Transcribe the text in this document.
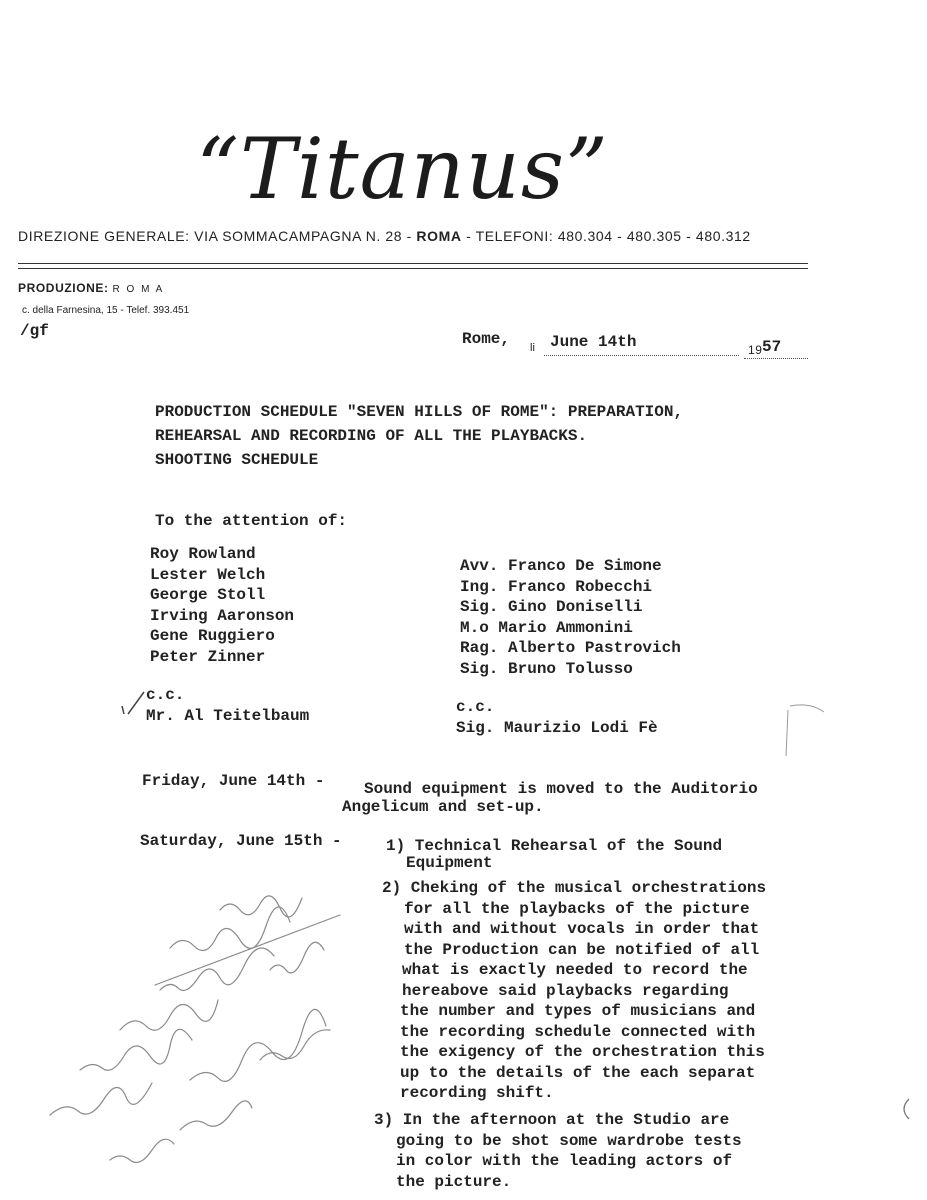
“Titanus”
DIREZIONE GENERALE: VIA SOMMACAMPAGNA N. 28 - ROMA - TELEFONI: 480.304 - 480.305 - 480.312
PRODUZIONE: R O M A
c. della Farnesina, 15 - Telef. 393.451
/gf	Rome, li June 14th	19 57
PRODUCTION SCHEDULE "SEVEN HILLS OF ROME": PREPARATION,
REHEARSAL AND RECORDING OF ALL THE PLAYBACKS.
SHOOTING SCHEDULE
To the attention of:
Roy Rowland
Lester Welch
George Stoll
Irving Aaronson
Gene Ruggiero
Peter Zinner
Avv. Franco De Simone
Ing. Franco Robecchi
Sig. Gino Doniselli
M.o Mario Ammonini
Rag. Alberto Pastrovich
Sig. Bruno Tolusso
c.c.
Mr. Al Teitelbaum	c.c.
Sig. Maurizio Lodi Fè
Friday, June 14th - Sound equipment is moved to the Auditorio
Angelicum and set-up.
Saturday, June 15th -	1) Technical Rehearsal of the Sound
Equipment
2) Cheking of the musical orchestrations
for all the playbacks of the picture
with and without vocals in order that
the Production can be notified of all
what is exactly needed to record the
hereabove said playbacks regarding
the number and types of musicians and
the recording schedule connected with
the exigency of the orchestration this
up to the details of the each separat
recording shift.
3) In the afternoon at the Studio are
going to be shot some wardrobe tests
in color with the leading actors of
the picture.
